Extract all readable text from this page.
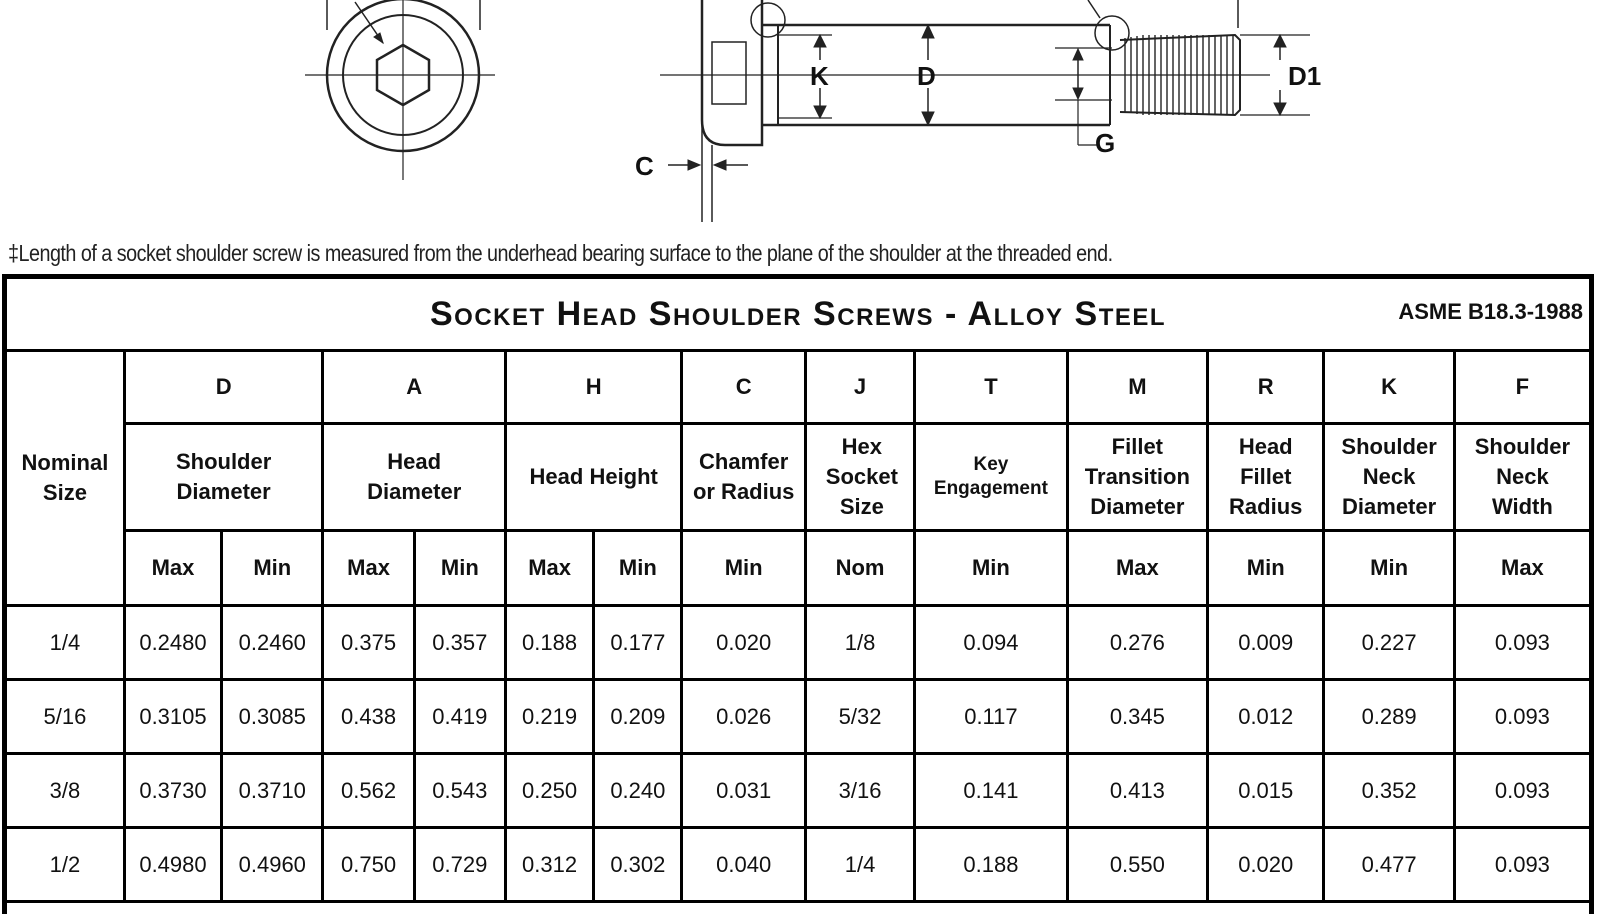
K	D	D1
C
G
‡Length of a socket shoulder screw is measured from the underhead bearing surface to the plane of the shoulder at the threaded end.
Socket Head Shoulder Screws - Alloy Steel ASME B18.3-1988													

Nominal Size	D		A		H		C	J	T	M	R	K	F
	Shoulder Diameter		Head Diameter		Head Height		Chamfer or Radius	Hex Socket Size	Key Engagement	Fillet Transition Diameter	Head Fillet Radius	Shoulder Neck Diameter	Shoulder Neck Width
	Max	Min	Max	Min	Max	Min	Min	Nom	Min	Max	Min	Min	Max
1/4	0.2480	0.2460	0.375	0.357	0.188	0.177	0.020	1/8	0.094	0.276	0.009	0.227	0.093
5/16	0.3105	0.3085	0.438	0.419	0.219	0.209	0.026	5/32	0.117	0.345	0.012	0.289	0.093
3/8	0.3730	0.3710	0.562	0.543	0.250	0.240	0.031	3/16	0.141	0.413	0.015	0.352	0.093
1/2	0.4980	0.4960	0.750	0.729	0.312	0.302	0.040	1/4	0.188	0.550	0.020	0.477	0.093
